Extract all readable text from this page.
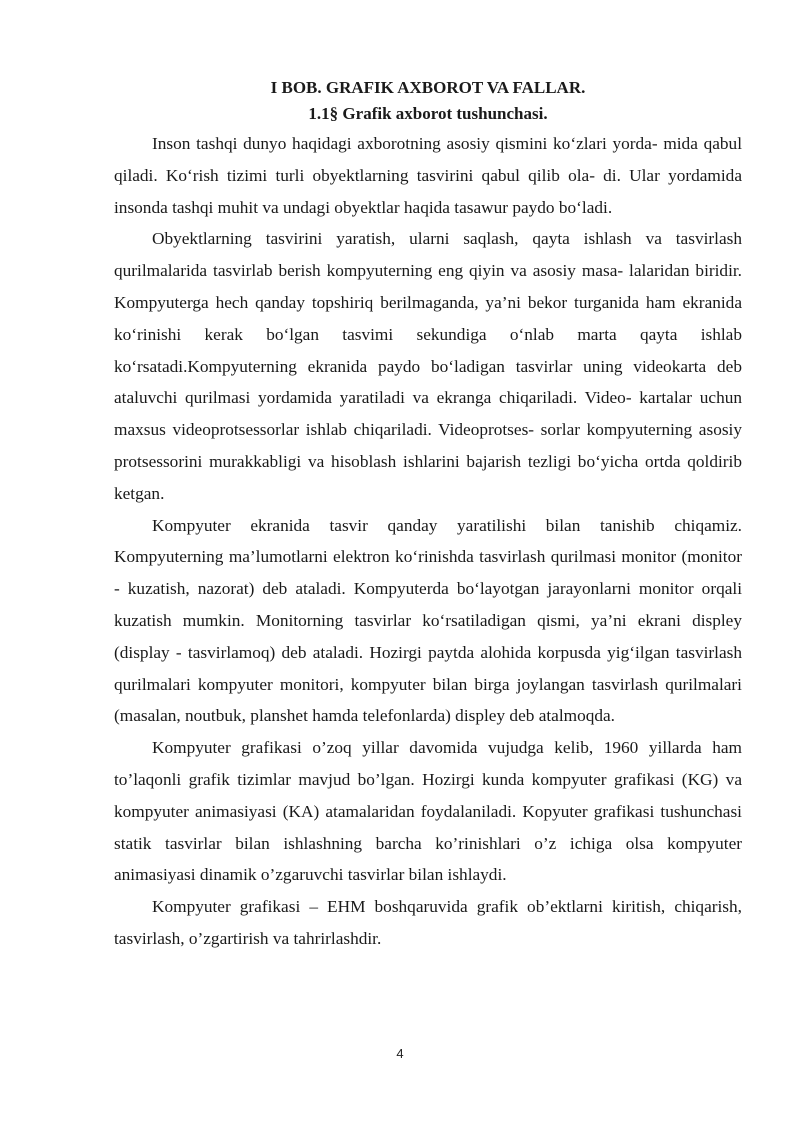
I BOB. GRAFIK AXBOROT VA FALLAR.
1.1§ Grafik axborot tushunchasi.

Inson tashqi dunyo haqidagi axborotning asosiy qismini ko‘zlari yorda- mida qabul qiladi. Ko‘rish tizimi turli obyektlarning tasvirini qabul qilib ola- di. Ular yordamida insonda tashqi muhit va undagi obyektlar haqida tasawur paydo bo‘ladi.

Obyektlarning tasvirini yaratish, ularni saqlash, qayta ishlash va tasvirlash qurilmalarida tasvirlab berish kompyuterning eng qiyin va asosiy masa- lalaridan biridir. Kompyuterga hech qanday topshiriq berilmaganda, ya’ni bekor turganida ham ekranida ko‘rinishi kerak bo‘lgan tasvimi sekundiga o‘nlab marta qayta ishlab ko‘rsatadi.Kompyuterning ekranida paydo bo‘ladigan tasvirlar uning videokarta deb ataluvchi qurilmasi yordamida yaratiladi va ekranga chiqariladi. Video- kartalar uchun maxsus videoprotsessorlar ishlab chiqariladi. Videoprotses- sorlar kompyuterning asosiy protsessorini murakkabligi va hisoblash ishlarini bajarish tezligi bo‘yicha ortda qoldirib ketgan.

Kompyuter ekranida tasvir qanday yaratilishi bilan tanishib chiqamiz. Kompyuterning ma’lumotlarni elektron ko‘rinishda tasvirlash qurilmasi monitor (monitor - kuzatish, nazorat) deb ataladi. Kompyuterda bo‘layotgan jarayonlarni monitor orqali kuzatish mumkin. Monitorning tasvirlar ko‘rsatiladigan qismi, ya’ni ekrani displey (display - tasvirlamoq) deb ataladi. Hozirgi paytda alohida korpusda yig‘ilgan tasvirlash qurilmalari kompyuter monitori, kompyuter bilan birga joylangan tasvirlash qurilmalari (masalan, noutbuk, planshet hamda telefonlarda) displey deb atalmoqda.

Kompyuter grafikasi o’zoq yillar davomida vujudga kelib, 1960 yillarda ham to’laqonli grafik tizimlar mavjud bo’lgan. Hozirgi kunda kompyuter grafikasi (KG) va kompyuter animasiyasi (KA) atamalaridan foydalaniladi. Kopyuter grafikasi tushunchasi statik tasvirlar bilan ishlashning barcha ko’rinishlari o’z ichiga olsa kompyuter animasiyasi dinamik o’zgaruvchi tasvirlar bilan ishlaydi.

Kompyuter grafikasi – EHM boshqaruvida grafik ob’ektlarni kiritish, chiqarish, tasvirlash, o’zgartirish va tahrirlashdir.

4
